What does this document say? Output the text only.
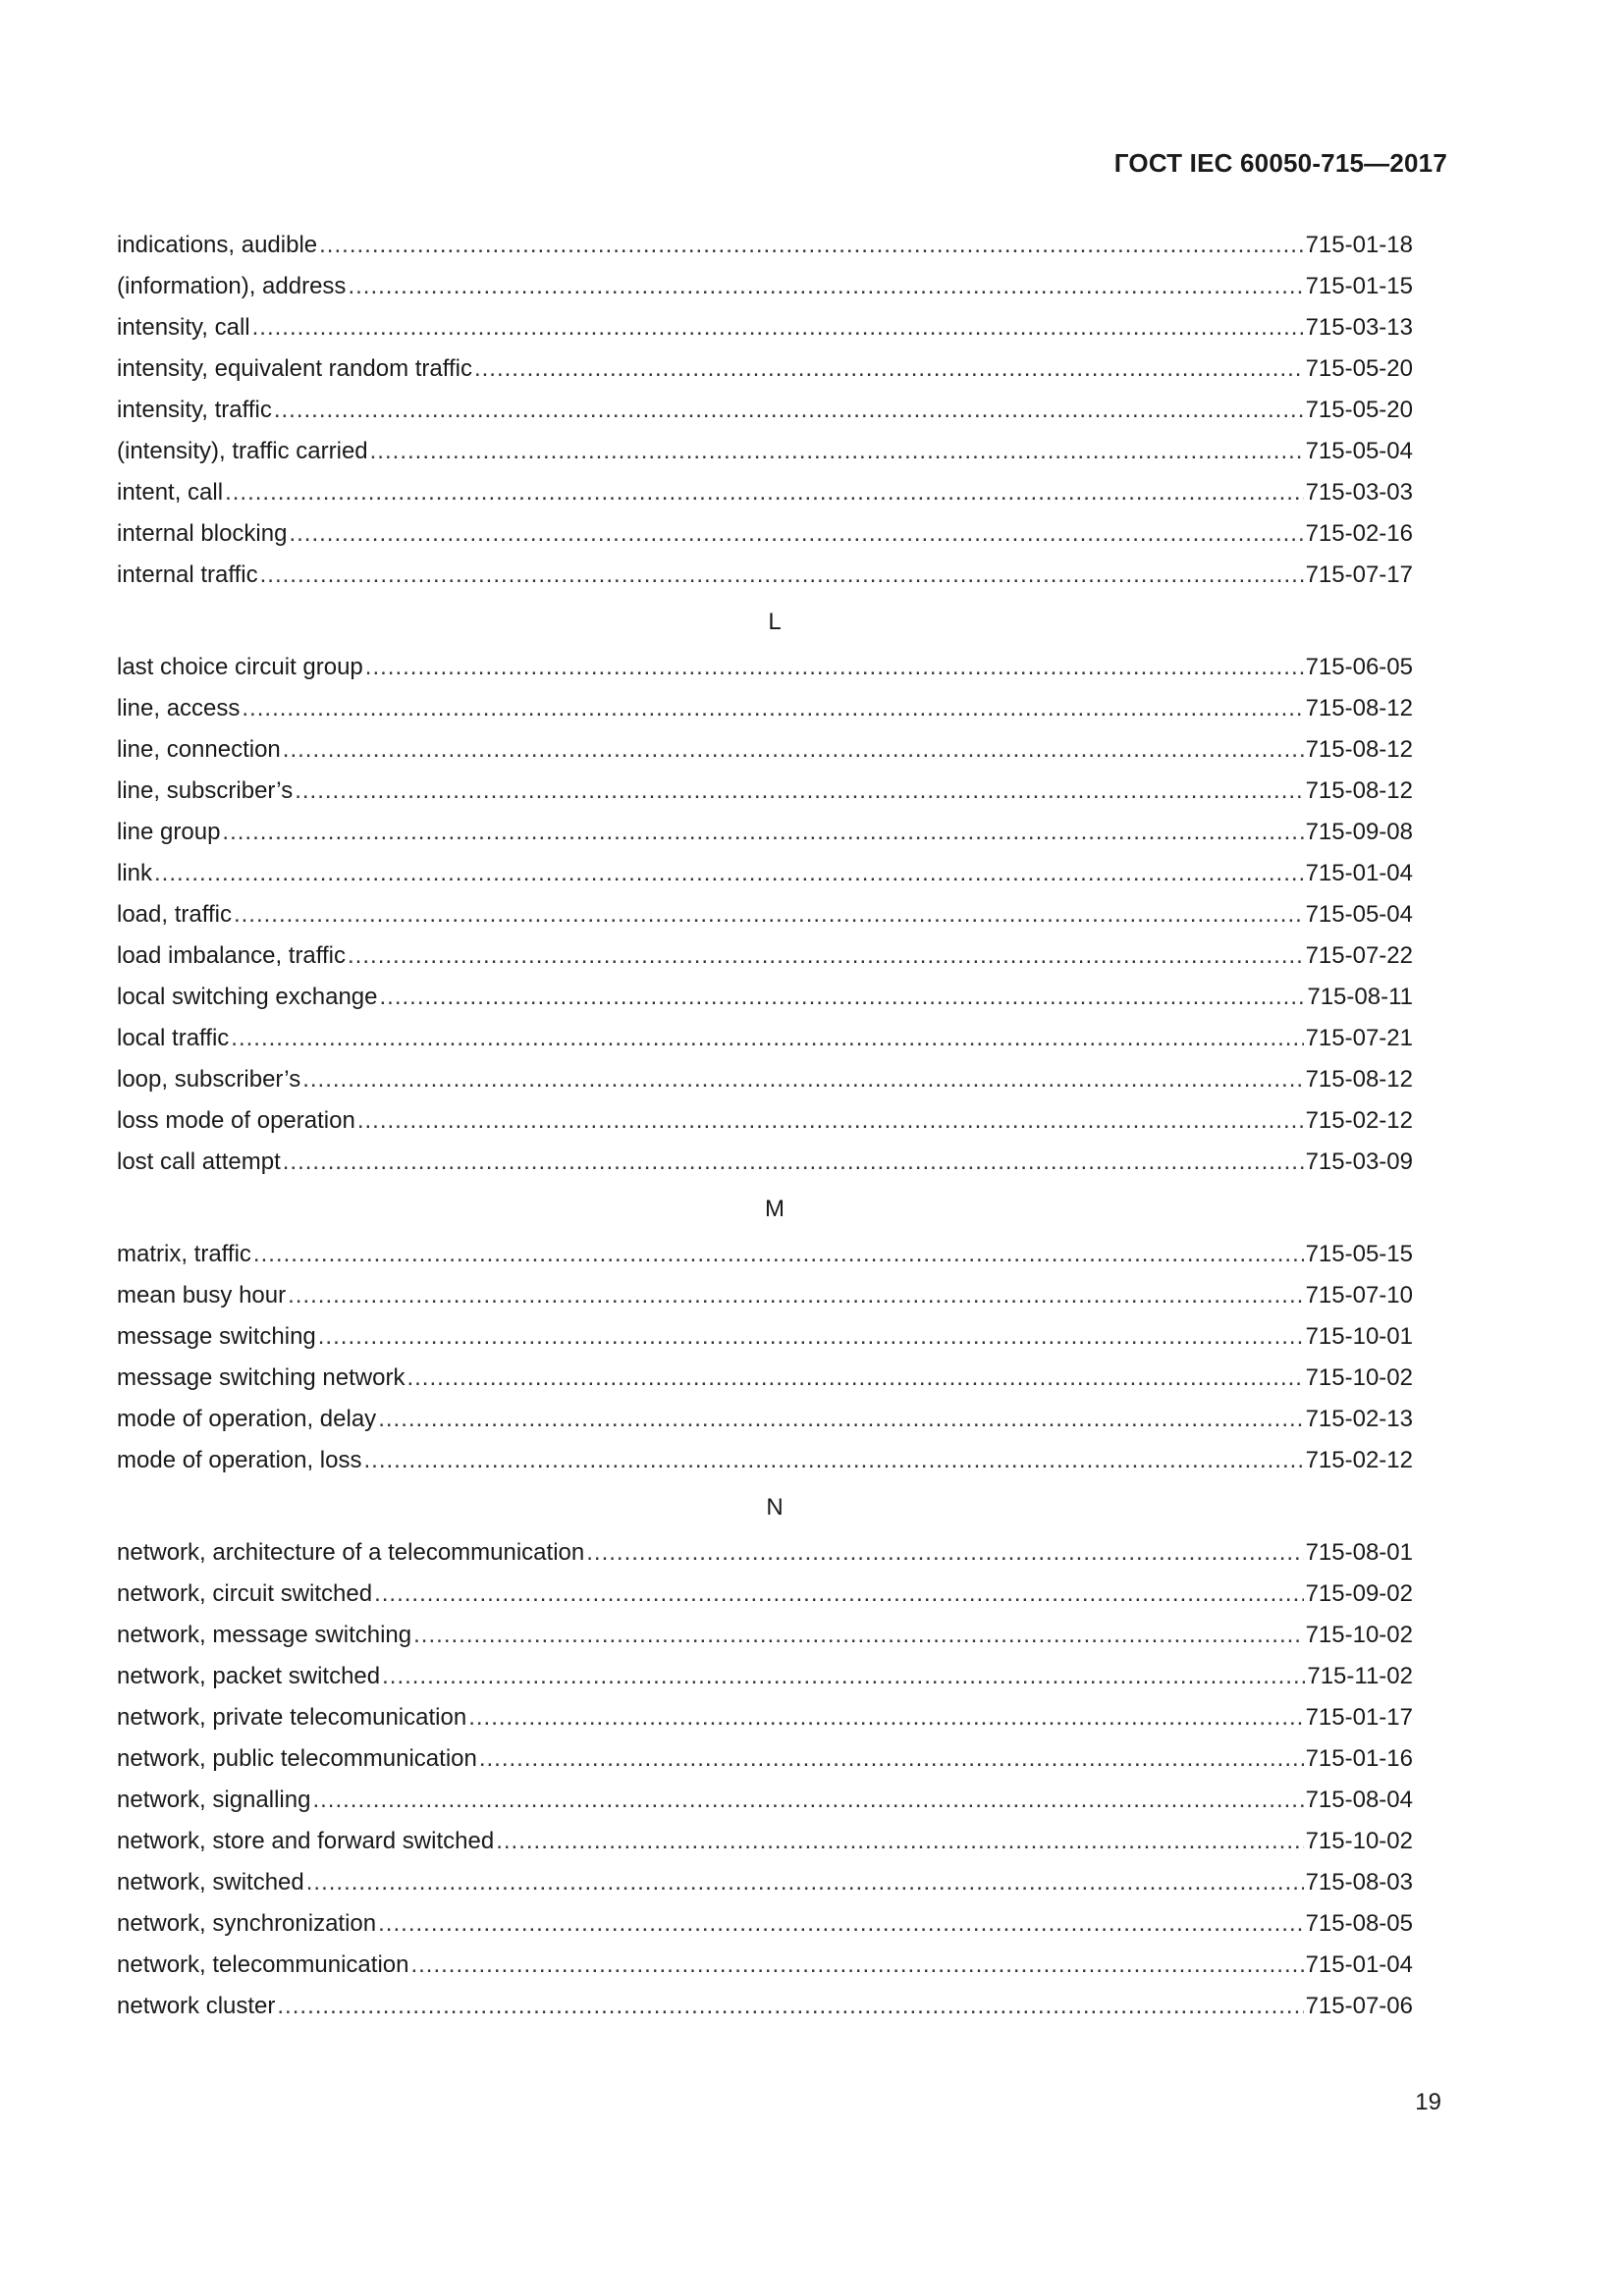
ГОСТ IEC 60050-715—2017
indications, audible .....	715-01-18
(information), address .....	715-01-15
intensity, call .....	715-03-13
intensity, equivalent random traffic .....	715-05-20
intensity, traffic .....	715-05-20
(intensity), traffic carried .....	715-05-04
intent, call .....	715-03-03
internal blocking .....	715-02-16
internal traffic .....	715-07-17
L
last choice circuit group .....	715-06-05
line, access .....	715-08-12
line, connection .....	715-08-12
line, subscriber’s .....	715-08-12
line group .....	715-09-08
link .....	715-01-04
load, traffic .....	715-05-04
load imbalance, traffic .....	715-07-22
local switching exchange .....	715-08-11
local traffic .....	715-07-21
loop, subscriber’s .....	715-08-12
loss mode of operation .....	715-02-12
lost call attempt .....	715-03-09
M
matrix, traffic .....	715-05-15
mean busy hour .....	715-07-10
message switching .....	715-10-01
message switching network .....	715-10-02
mode of operation, delay .....	715-02-13
mode of operation, loss .....	715-02-12
N
network, architecture of a telecommunication .....	715-08-01
network, circuit switched .....	715-09-02
network, message switching .....	715-10-02
network, packet switched .....	715-11-02
network, private telecomunication .....	715-01-17
network, public telecommunication .....	715-01-16
network, signalling .....	715-08-04
network, store and forward switched .....	715-10-02
network, switched .....	715-08-03
network, synchronization .....	715-08-05
network, telecommunication .....	715-01-04
network cluster .....	715-07-06
19
